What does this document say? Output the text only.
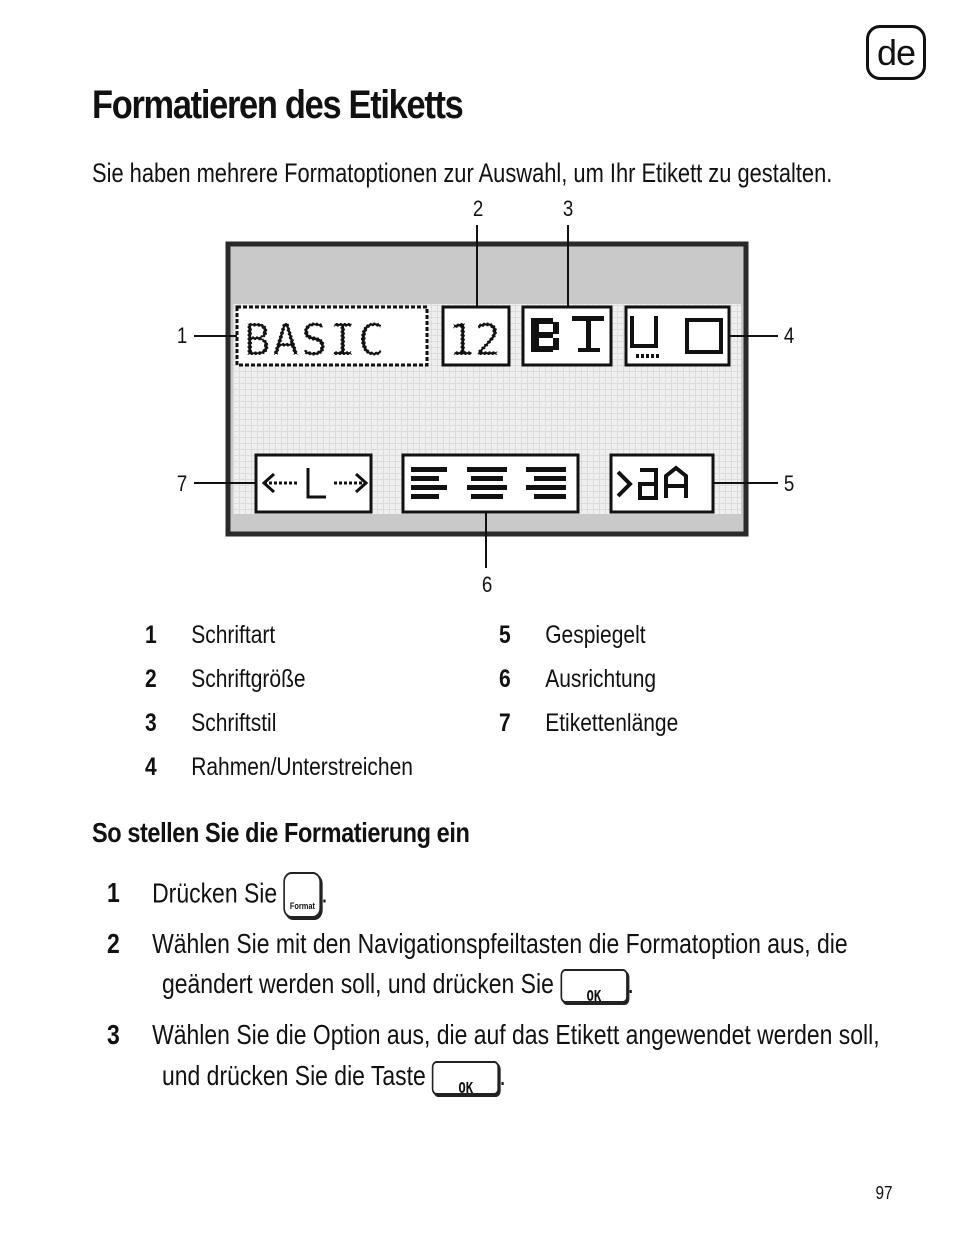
de
Formatieren des Etiketts
Sie haben mehrere Formatoptionen zur Auswahl, um Ihr Etikett zu gestalten.
2	3
1	4
7	5
6
BASIC 12
1 Schriftart
2 Schriftgröße
3 Schriftstil
4 Rahmen/Unterstreichen
5 Gespiegelt
6 Ausrichtung
7 Etikettenlänge
So stellen Sie die Formatierung ein
1 Drücken Sie	Format .
2 Wählen Sie mit den Navigationspfeiltasten die Formatoption aus, die
geändert werden soll, und drücken Sie	OK .
3 Wählen Sie die Option aus, die auf das Etikett angewendet werden soll,
und drücken Sie die Taste	OK .
97
